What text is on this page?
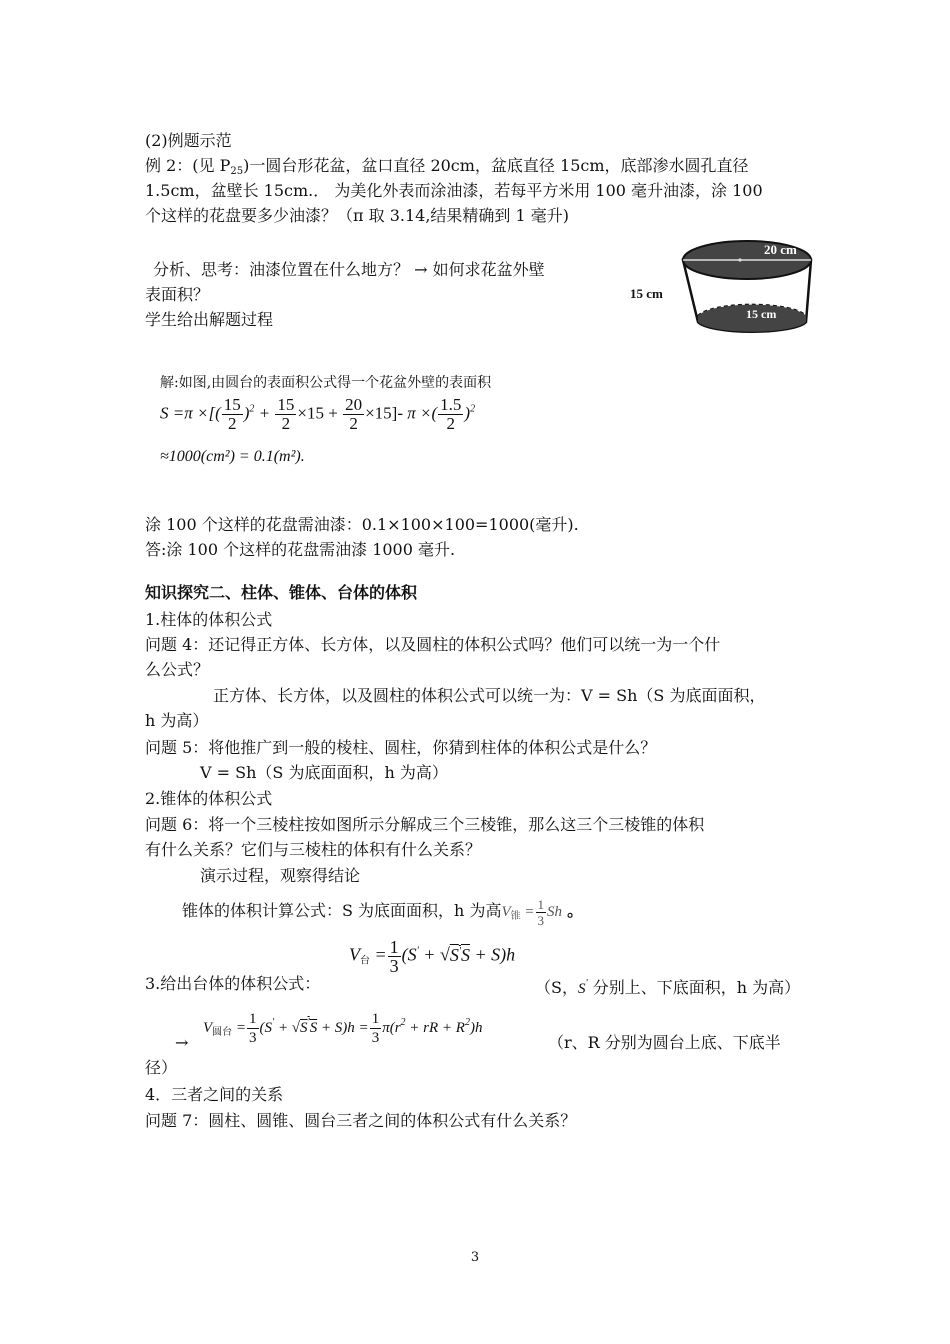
(2)例题示范
例 2：(见 P25)一圆台形花盆，盆口直径 20cm，盆底直径 15cm，底部渗水圆孔直径
1.5cm，盆壁长 15cm.． 为美化外表而涂油漆，若每平方米用 100 毫升油漆，涂 100
个这样的花盘要多少油漆？（π 取 3.14,结果精确到 1 毫升)
分析、思考：油漆位置在什么地方？ → 如何求花盆外壁
表面积？
学生给出解题过程
20 cm
15 cm
15 cm
解:如图,由圆台的表面积公式得一个花盆外壁的表面积
S =π ×[( $\frac{15}{2} )^2 + \frac{15}{2} \times 15 + \frac{20}{2} \times 15]-$ π ×( $\frac{1.5}{2} )^2$
≈1000(cm²) = 0.1(m²).
涂 100 个这样的花盘需油漆：0.1×100×100=1000(毫升).
答:涂 100 个这样的花盘需油漆 1000 毫升.
知识探究二、柱体、锥体、台体的体积
1.柱体的体积公式
问题 4：还记得正方体、长方体，以及圆柱的体积公式吗？他们可以统一为一个什
么公式？
正方体、长方体，以及圆柱的体积公式可以统一为：V = Sh（S 为底面面积，
h 为高）
问题 5：将他推广到一般的棱柱、圆柱，你猜到柱体的体积公式是什么？
V = Sh（S 为底面面积，h 为高）
2.锥体的体积公式
问题 6：将一个三棱柱按如图所示分解成三个三棱锥，那么这三个三棱锥的体积
有什么关系？它们与三棱柱的体积有什么关系？
演示过程，观察得结论
锥体的体积计算公式：S 为底面面积，h 为高$V_锥 = \frac{1}{3}$ Sh 。
V台 = $\frac{1}{3} (S' + √S'S + S)h$
3.给出台体的体积公式：	（S，S' 分别上、下底面积，h 为高）
→
$V_{圆台} = \frac{1}{3} (S' + √S'S + S)h = \frac{1}{3} \pi(r^2$ + rR + $R^2)h$
（r、R 分别为圆台上底、下底半
径）
4．三者之间的关系
问题 7：圆柱、圆锥、圆台三者之间的体积公式有什么关系？
3
